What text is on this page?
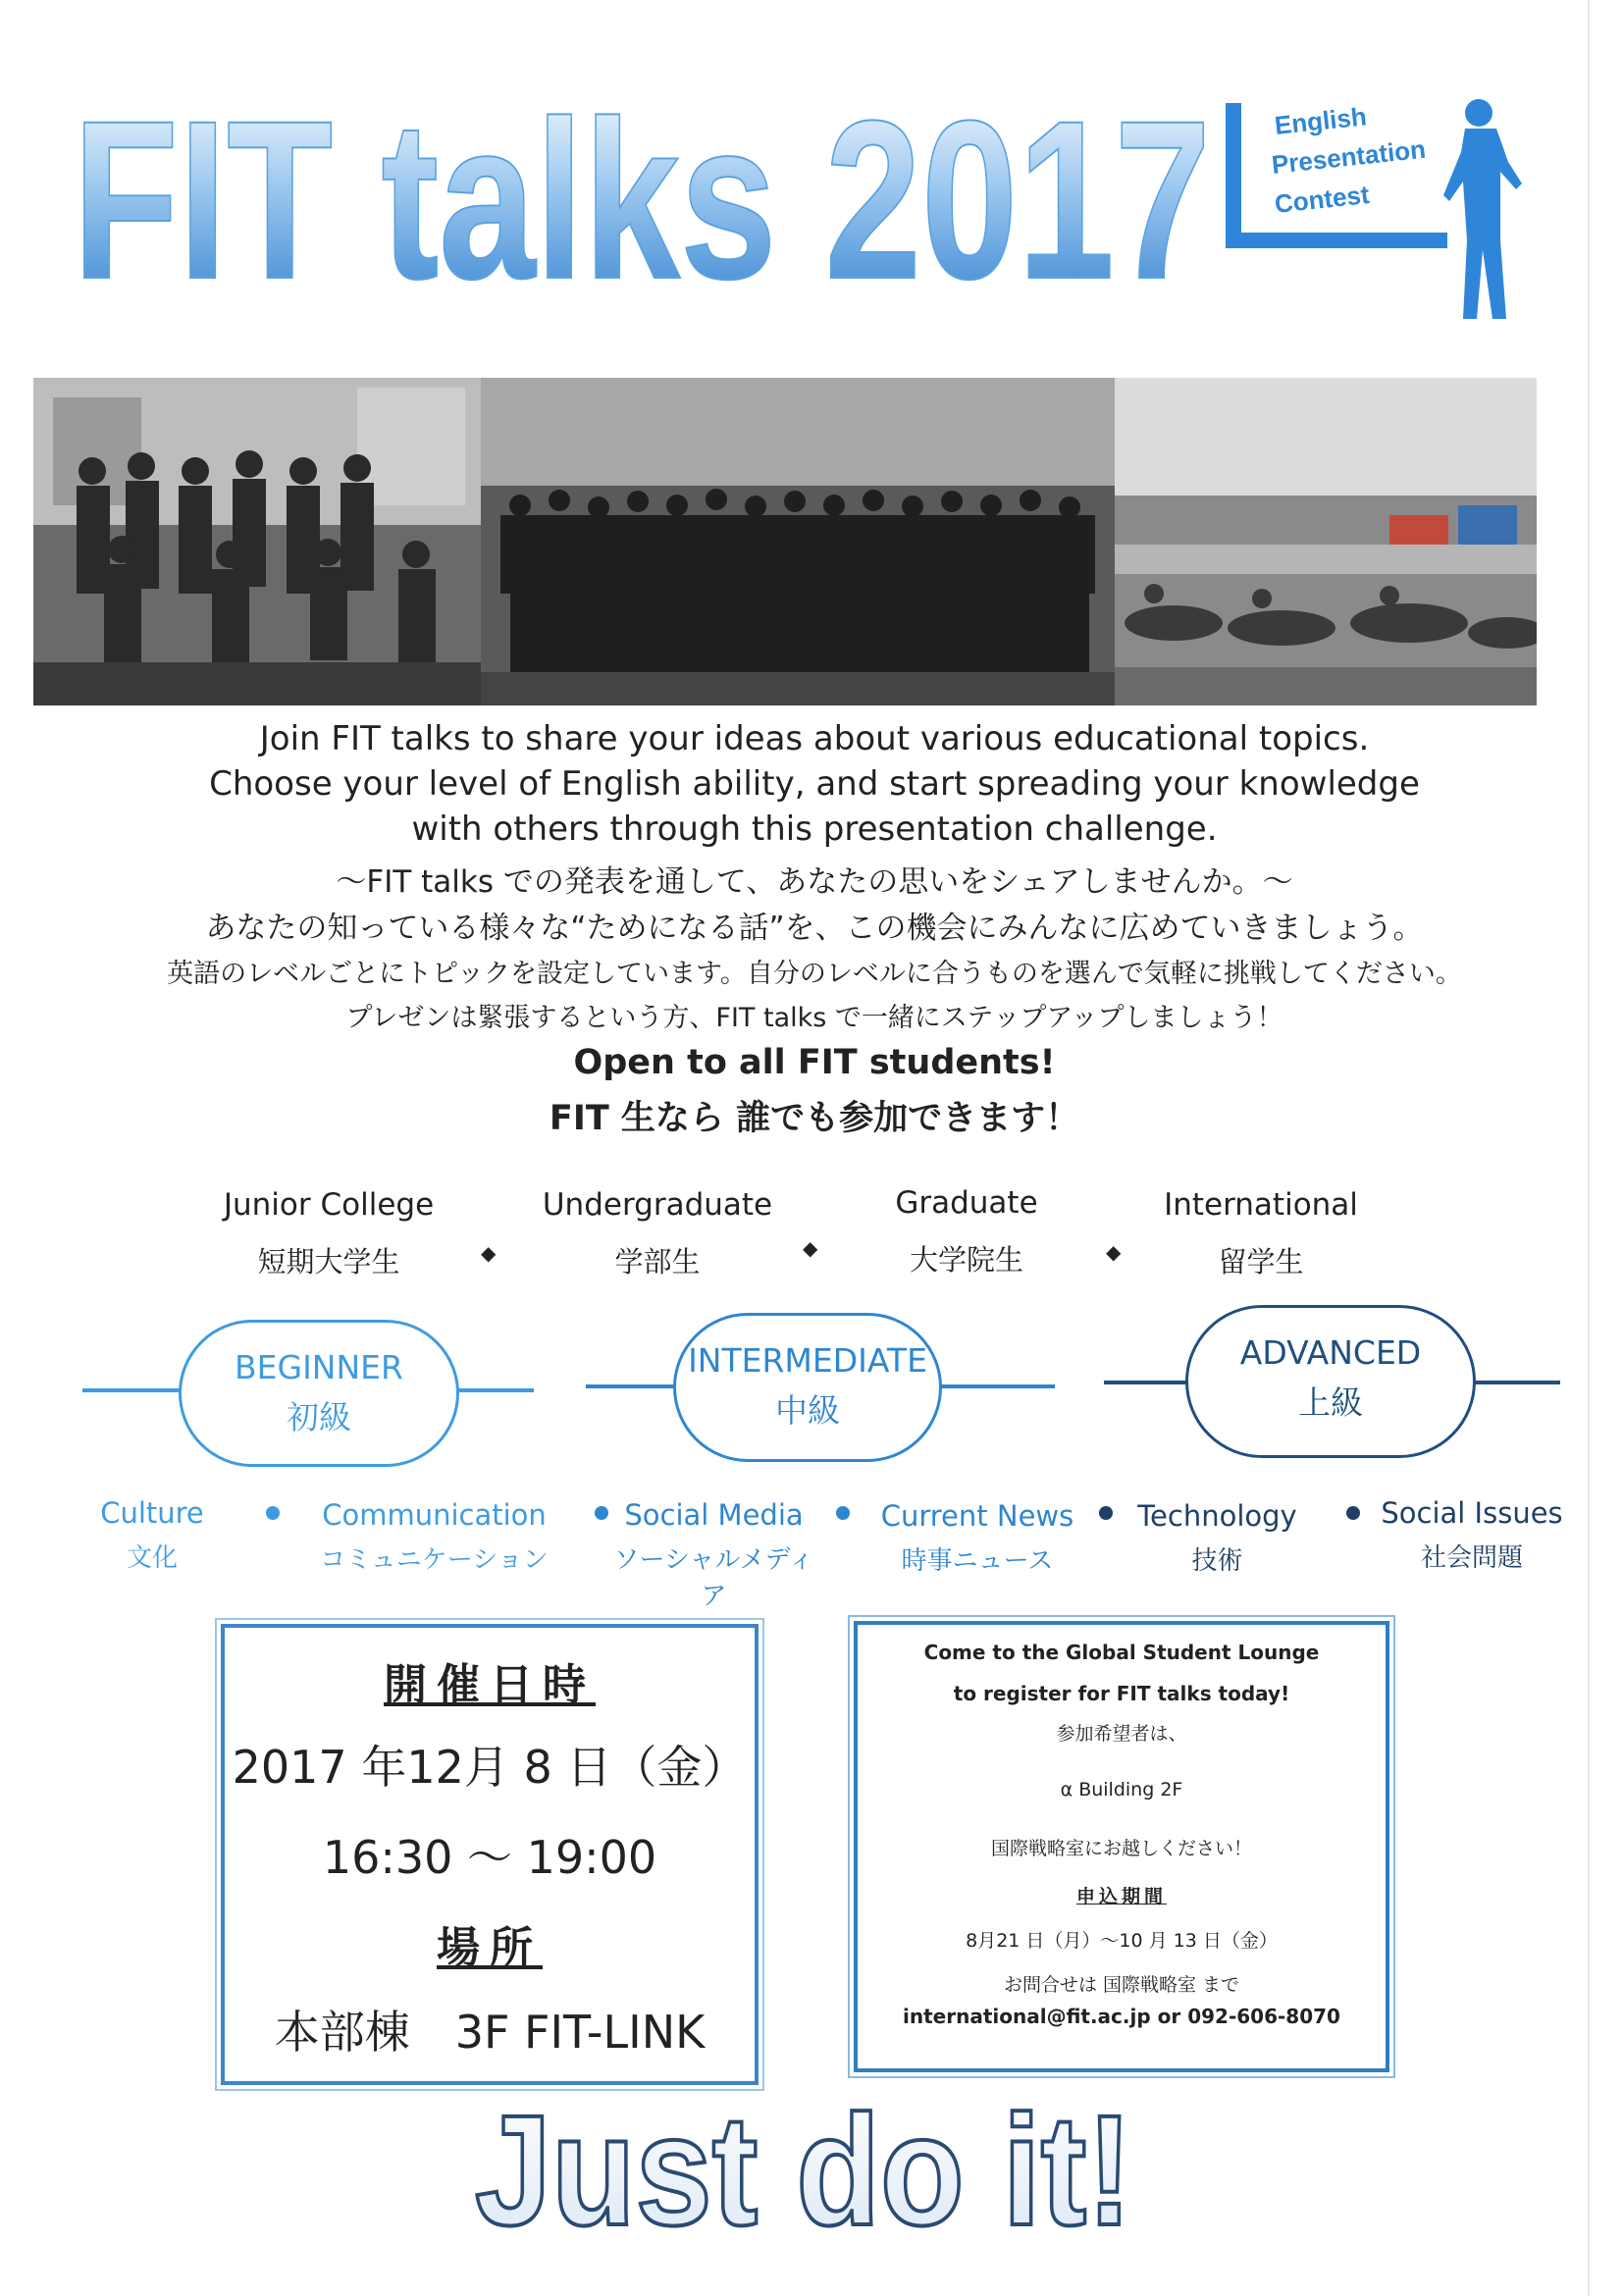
FIT talks 2017 English
Presentation
Contest
Join FIT talks to share your ideas about various educational topics.
Choose your level of English ability, and start spreading your knowledge
with others through this presentation challenge.
～FIT talks での発表を通して、あなたの思いをシェアしませんか。～
あなたの知っている様々な“ためになる話”を、この機会にみんなに広めていきましょう。
英語のレベルごとにトピックを設定しています。自分のレベルに合うものを選んで気軽に挑戦してください。
プレゼンは緊張するという方、FIT talks で一緒にステップアップしましょう！
Open to all FIT students!
FIT 生なら 誰でも参加できます！
Junior College
短期大学生	◆
Undergraduate
学部生	◆
Graduate
大学院生	◆
International
留学生
BEGINNER
初級
INTERMEDIATE
中級
ADVANCED
上級
Culture
文化
Communication
コミュニケーション
Social Media
ソーシャルメディア
Current News
時事ニュース
Technology
技術
Social Issues
社会問題
開催日時
2017 年12月 8 日（金）
16:30 ～ 19:00
場所
本部棟　3F FIT-LINK
Come to the Global Student Lounge
to register for FIT talks today!
参加希望者は、
α Building 2F
国際戦略室にお越しください！
申込期間
8月21 日（月）～10 月 13 日（金）
お問合せは 国際戦略室 まで
international@fit.ac.jp or 092-606-8070
Just do it!
